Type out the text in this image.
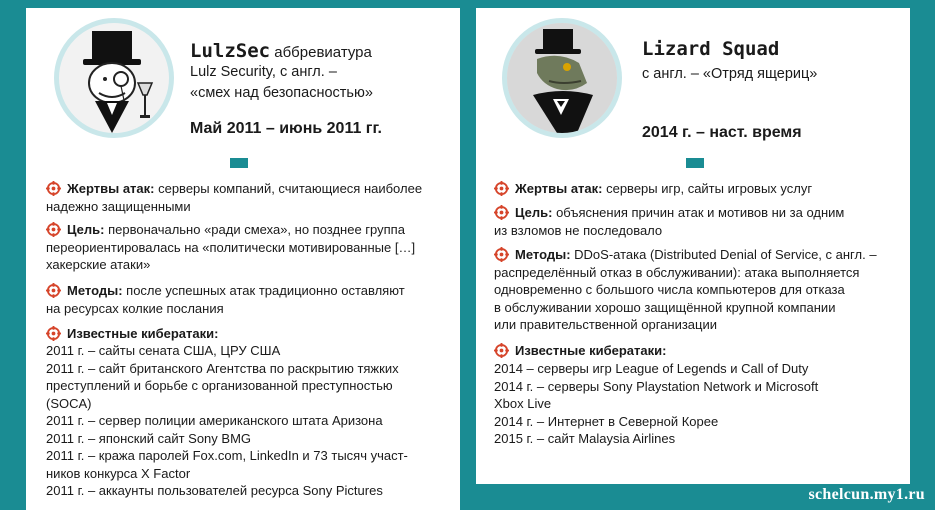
LulzSec аббревиатура
Lulz Security, с англ. –
«смех над безопасностью»
Май 2011 – июнь 2011 гг.
Жертвы атак: серверы компаний, считающиеся наиболее
надежно защищенными
Цель: первоначально «ради смеха», но позднее группа
переориентировалась на «политически мотивированные […]
хакерские атаки»
Методы: после успешных атак традиционно оставляют
на ресурсах колкие послания
Известные кибератаки:
2011 г. – сайты сената США, ЦРУ США
2011 г. – сайт британского Агентства по раскрытию тяжких
преступлений и борьбе с организованной преступностью
(SOCA)
2011 г. – сервер полиции американского штата Аризона
2011 г. – японский сайт Sony BMG
2011 г. – кража паролей Fox.com, LinkedIn и 73 тысяч участ-
ников конкурса X Factor
2011 г. – аккаунты пользователей ресурса Sony Pictures
Lizard Squad
с англ. – «Отряд ящериц»
2014 г. – наст. время
Жертвы атак: серверы игр, сайты игровых услуг
Цель: объяснения причин атак и мотивов ни за одним
из взломов не последовало
Методы: DDoS-атака (Distributed Denial of Service, с англ. –
распределённый отказ в обслуживании): атака выполняется
одновременно с большого числа компьютеров для отказа
в обслуживании хорошо защищённой крупной компании
или правительственной организации
Известные кибератаки:
2014 – серверы игр League of Legends и Call of Duty
2014 г. – серверы Sony Playstation Network и Microsoft
Xbox Live
2014 г. – Интернет в Северной Корее
2015 г. – сайт Malaysia Airlines
schelcun.my1.ru
